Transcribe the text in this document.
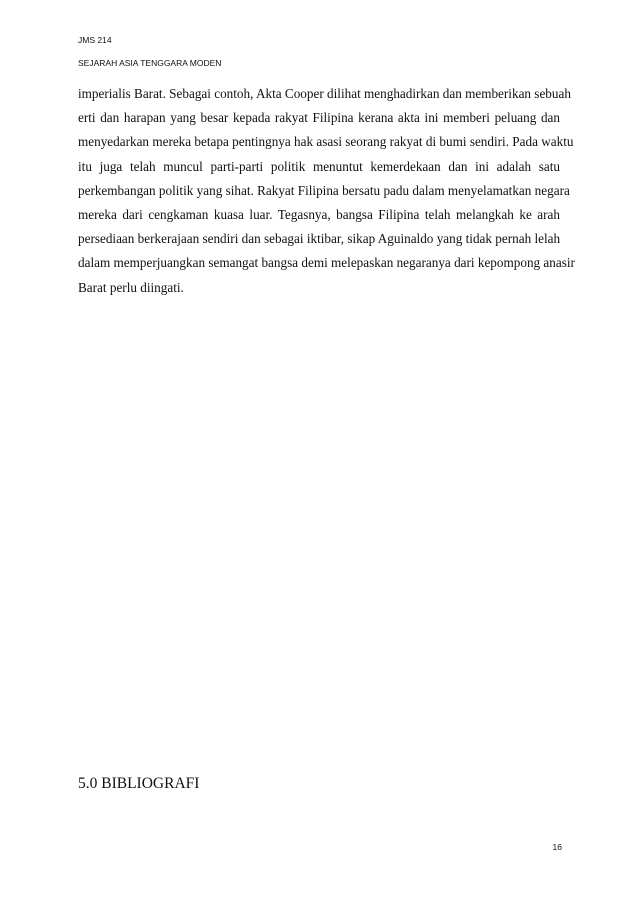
JMS 214
SEJARAH ASIA TENGGARA MODEN
imperialis Barat. Sebagai contoh, Akta Cooper dilihat menghadirkan dan memberikan sebuah
erti dan harapan yang besar kepada rakyat Filipina kerana akta ini memberi peluang dan
menyedarkan mereka betapa pentingnya hak asasi seorang rakyat di bumi sendiri. Pada waktu
itu juga telah muncul parti-parti politik menuntut kemerdekaan dan ini adalah satu
perkembangan politik yang sihat. Rakyat Filipina bersatu padu dalam menyelamatkan negara
mereka dari cengkaman kuasa luar. Tegasnya, bangsa Filipina telah melangkah ke arah
persediaan berkerajaan sendiri dan sebagai iktibar, sikap Aguinaldo yang tidak pernah lelah
dalam memperjuangkan semangat bangsa demi melepaskan negaranya dari kepompong anasir
Barat perlu diingati.
5.0 BIBLIOGRAFI
16
